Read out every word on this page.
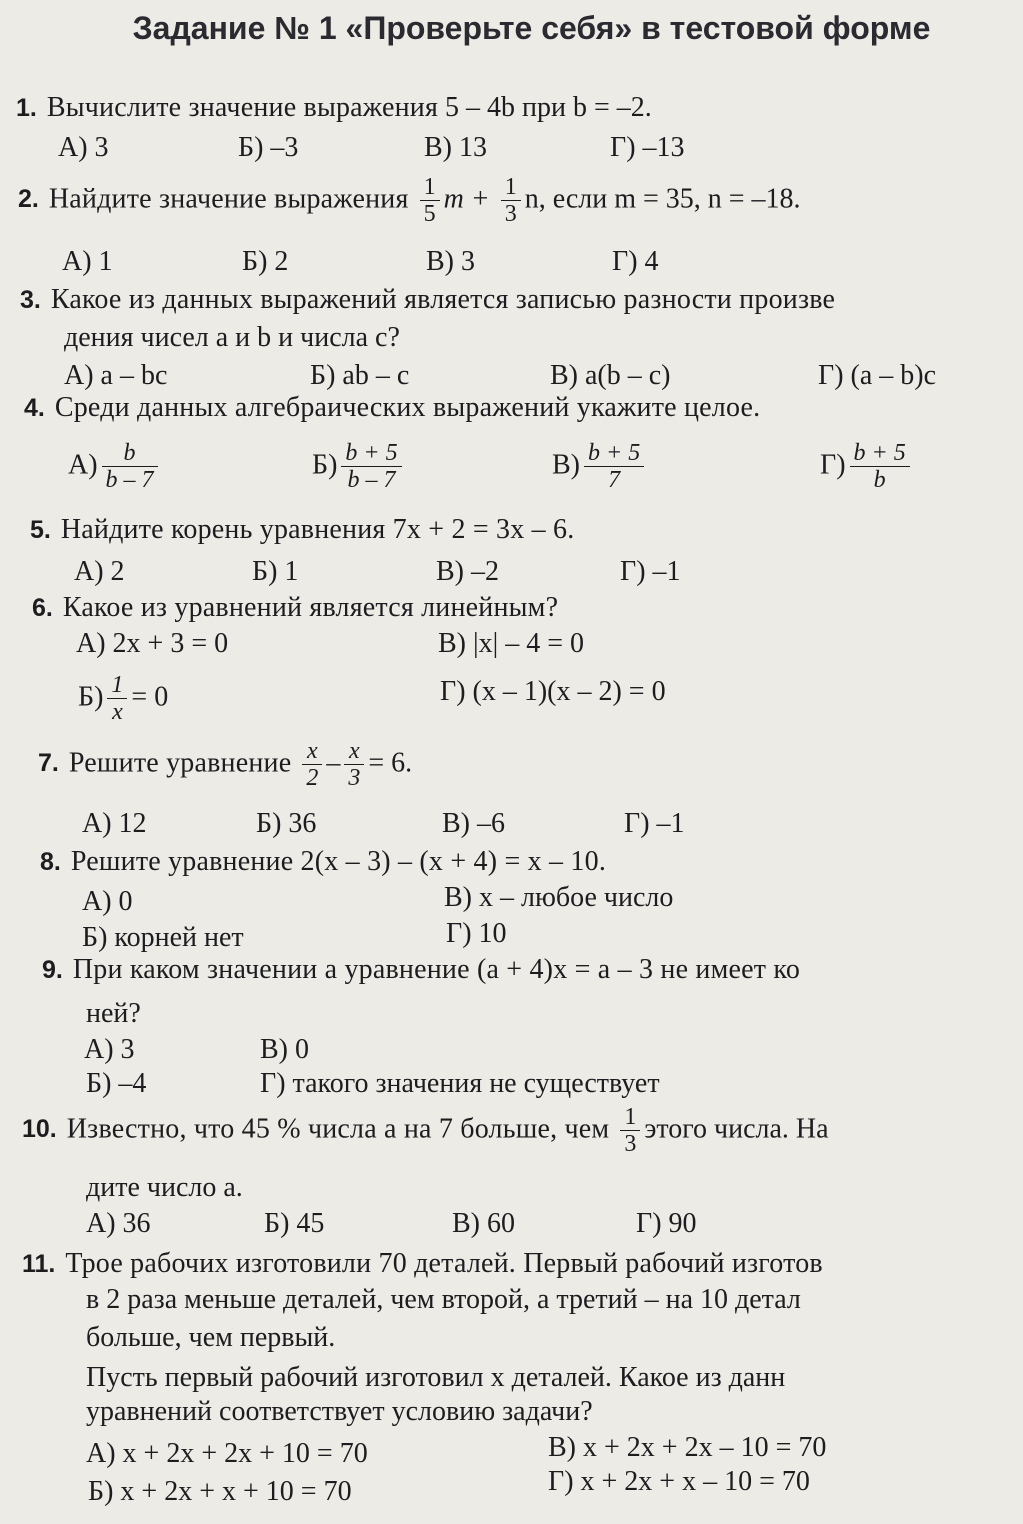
Задание № 1 «Проверьте себя» в тестовой форме
1. Вычислите значение выражения 5 – 4b при b = –2.
А) 3	Б) –3	В) 13	Г) –13
2. Найдите значение выражения $\frac{1}{5}$ $m + \frac{1}{3} n$, если m = 35, n = –18.
А) 1	Б) 2	В) 3	Г) 4
3. Какое из данных выражений является записью разности произве
дения чисел a и b и числа c?
А) a – bc	Б) ab – c	В) a(b – c)	Г) (a – b)c
4. Среди данных алгебраических выражений укажите целое.
$А) \frac{b}{b - 7}$	$Б) \frac{b + 5}{b - 7}$	$В) \frac{b + 5}{7}$	$Г) \frac{b + 5}{b}$
5. Найдите корень уравнения 7x + 2 = 3x – 6.
А) 2	Б) 1	В) –2	Г) –1
6. Какое из уравнений является линейным?
А) 2x + 3 = 0	В) |x| – 4 = 0
$Б) \frac{1}{x} = 0$	Г) (x – 1)(x – 2) = 0
7. Решите уравнение $\frac{x}{2} - \frac{x}{3} = 6$.
А) 12	Б) 36	В) –6	Г) –1
8. Решите уравнение 2(x – 3) – (x + 4) = x – 10.
А) 0	В) x – любое число
Б) корней нет	Г) 10
9. При каком значении a уравнение (a + 4)x = a – 3 не имеет ко
ней?
А) 3	В) 0
Б) –4	Г) такого значения не существует
10. Известно, что 45 % числа a на 7 больше, чем $\frac{1}{3}$ этого числа. На
дите число a.
А) 36	Б) 45	В) 60	Г) 90
11. Трое рабочих изготовили 70 деталей. Первый рабочий изготов
в 2 раза меньше деталей, чем второй, а третий – на 10 детал
больше, чем первый.
Пусть первый рабочий изготовил x деталей. Какое из данн
уравнений соответствует условию задачи?
А) x + 2x + 2x + 10 = 70	В) x + 2x + 2x – 10 = 70
Б) x + 2x + x + 10 = 70	Г) x + 2x + x – 10 = 70
